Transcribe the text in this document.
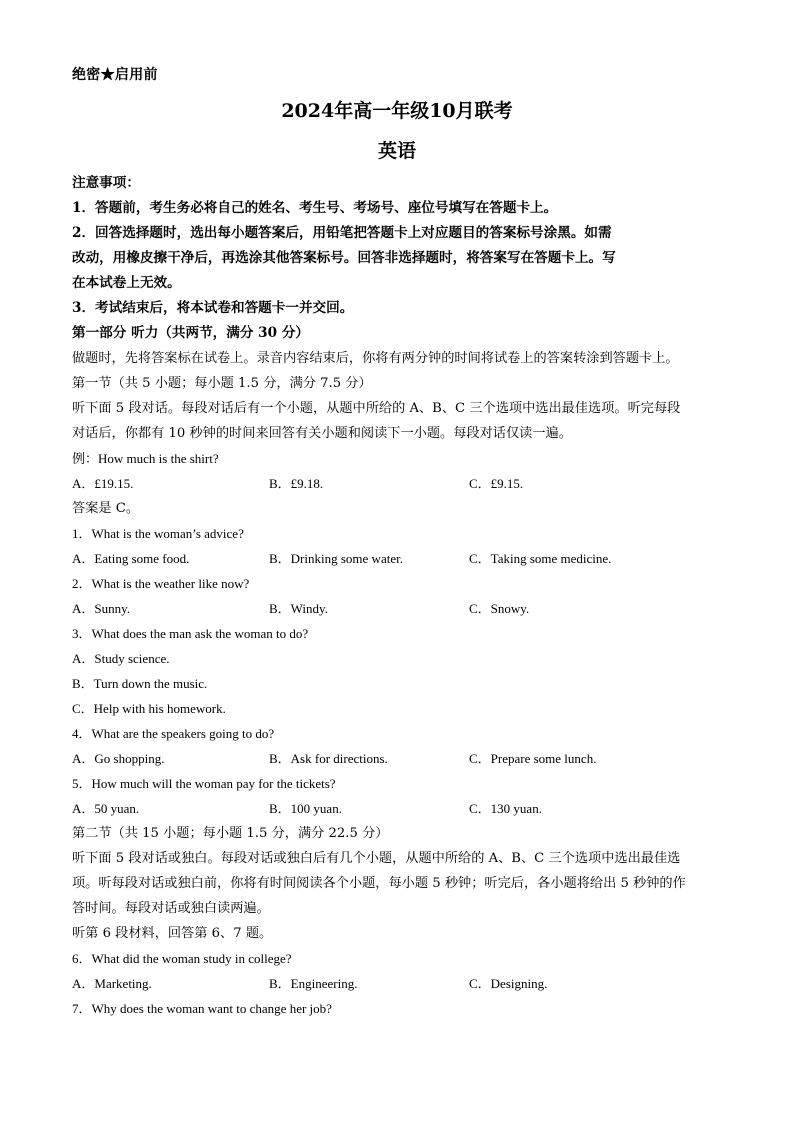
绝密★启用前
2024年高一年级10月联考
英语
注意事项：
1．答题前，考生务必将自己的姓名、考生号、考场号、座位号填写在答题卡上。
2．回答选择题时，选出每小题答案后，用铅笔把答题卡上对应题目的答案标号涂黑。如需
改动，用橡皮擦干净后，再选涂其他答案标号。回答非选择题时，将答案写在答题卡上。写
在本试卷上无效。
3．考试结束后，将本试卷和答题卡一并交回。
第一部分 听力（共两节，满分 30 分）
做题时，先将答案标在试卷上。录音内容结束后，你将有两分钟的时间将试卷上的答案转涂到答题卡上。
第一节（共 5 小题；每小题 1.5 分，满分 7.5 分）
听下面 5 段对话。每段对话后有一个小题，从题中所给的 A、B、C 三个选项中选出最佳选项。听完每段
对话后，你都有 10 秒钟的时间来回答有关小题和阅读下一小题。每段对话仅读一遍。
例：How much is the shirt?
A．£19.15.	B．£9.18.	C．£9.15.
答案是 C。
1．What is the woman’s advice?
A．Eating some food.	B．Drinking some water.	C．Taking some medicine.
2．What is the weather like now?
A．Sunny.	B．Windy.	C．Snowy.
3．What does the man ask the woman to do?
A．Study science.
B．Turn down the music.
C．Help with his homework.
4．What are the speakers going to do?
A．Go shopping.	B．Ask for directions.	C．Prepare some lunch.
5．How much will the woman pay for the tickets?
A．50 yuan.	B．100 yuan.	C．130 yuan.
第二节（共 15 小题；每小题 1.5 分，满分 22.5 分）
听下面 5 段对话或独白。每段对话或独白后有几个小题，从题中所给的 A、B、C 三个选项中选出最佳选
项。听每段对话或独白前，你将有时间阅读各个小题，每小题 5 秒钟；听完后，各小题将给出 5 秒钟的作
答时间。每段对话或独白读两遍。
听第 6 段材料，回答第 6、7 题。
6．What did the woman study in college?
A．Marketing.	B．Engineering.	C．Designing.
7．Why does the woman want to change her job?
